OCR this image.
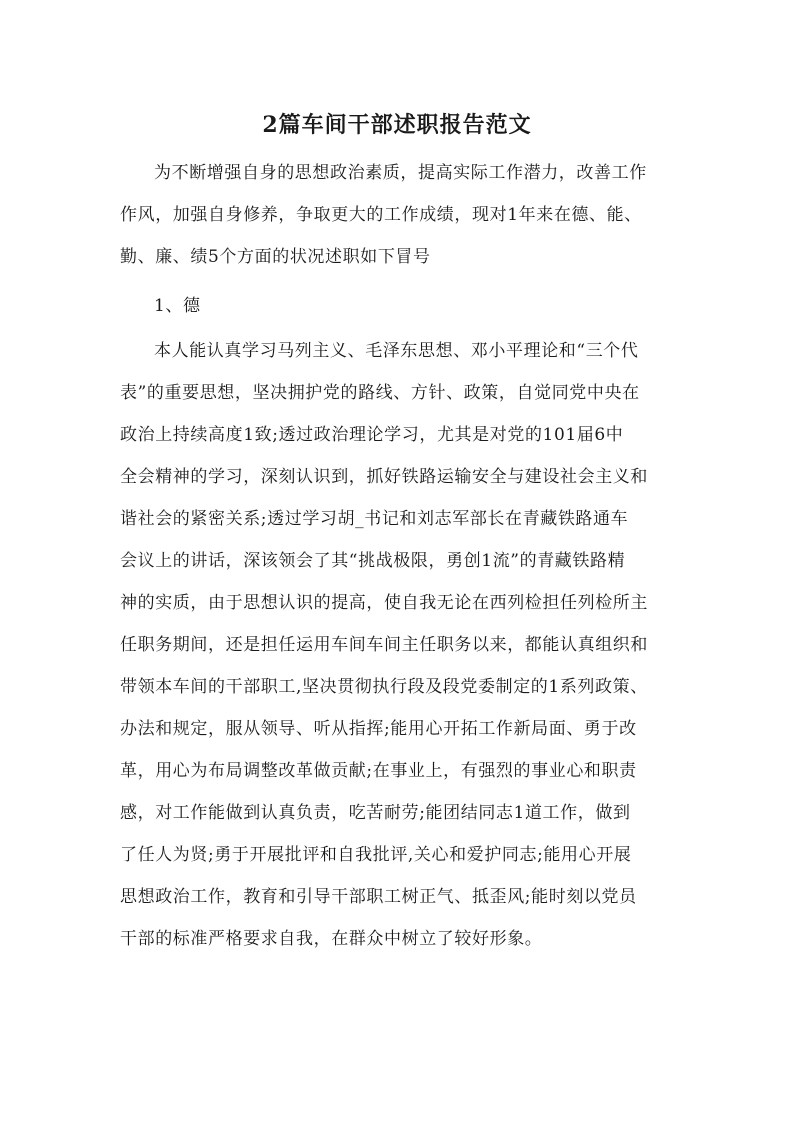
2篇车间干部述职报告范文
为不断增强自身的思想政治素质，提高实际工作潜力，改善工作
作风，加强自身修养，争取更大的工作成绩，现对1年来在德、能、
勤、廉、绩5个方面的状况述职如下冒号
1、德
本人能认真学习马列主义、毛泽东思想、邓小平理论和“三个代
表”的重要思想，坚决拥护党的路线、方针、政策，自觉同党中央在
政治上持续高度1致;透过政治理论学习，尤其是对党的101届6中
全会精神的学习，深刻认识到，抓好铁路运输安全与建设社会主义和
谐社会的紧密关系;透过学习胡_书记和刘志军部长在青藏铁路通车
会议上的讲话，深该领会了其“挑战极限，勇创1流”的青藏铁路精
神的实质，由于思想认识的提高，使自我无论在西列检担任列检所主
任职务期间，还是担任运用车间车间主任职务以来，都能认真组织和
带领本车间的干部职工,坚决贯彻执行段及段党委制定的1系列政策、
办法和规定，服从领导、听从指挥;能用心开拓工作新局面、勇于改
革，用心为布局调整改革做贡献;在事业上，有强烈的事业心和职责
感，对工作能做到认真负责，吃苦耐劳;能团结同志1道工作，做到
了任人为贤;勇于开展批评和自我批评,关心和爱护同志;能用心开展
思想政治工作，教育和引导干部职工树正气、抵歪风;能时刻以党员
干部的标准严格要求自我，在群众中树立了较好形象。
